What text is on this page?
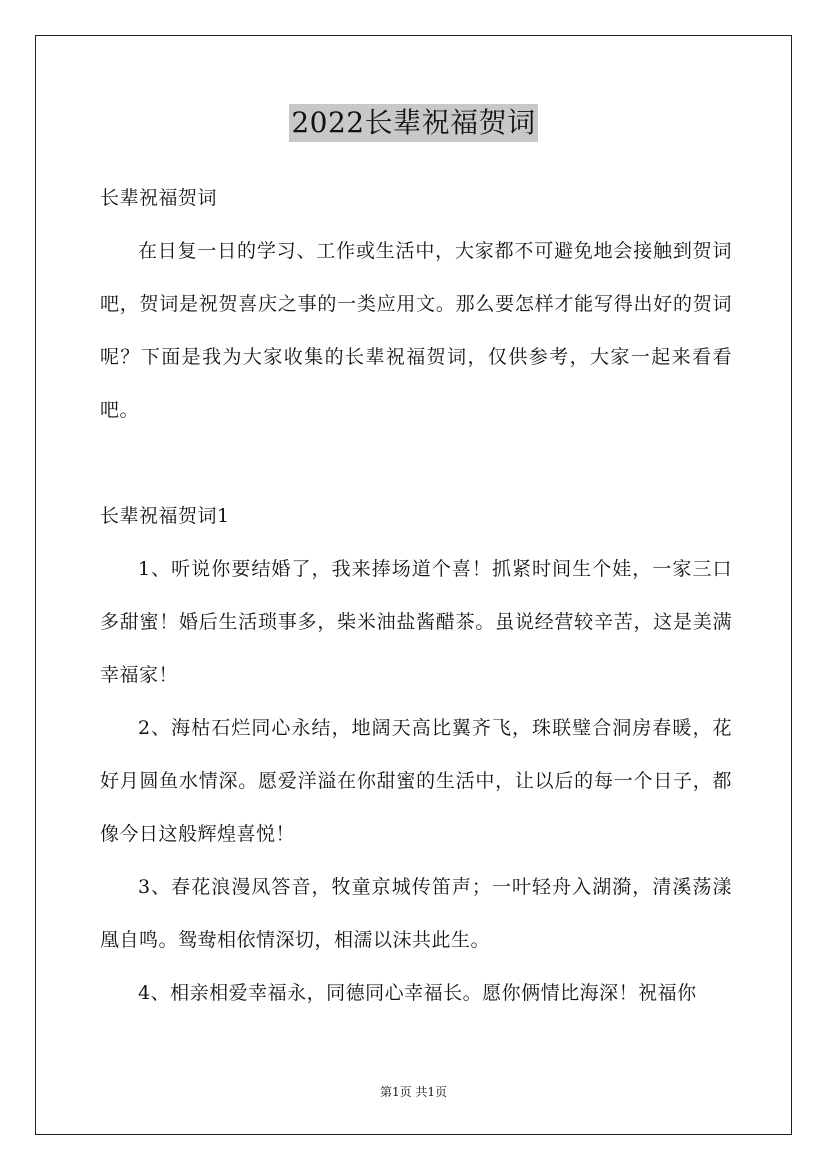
2022长辈祝福贺词

长辈祝福贺词

在日复一日的学习、工作或生活中，大家都不可避免地会接触到贺词吧，贺词是祝贺喜庆之事的一类应用文。那么要怎样才能写得出好的贺词呢？下面是我为大家收集的长辈祝福贺词，仅供参考，大家一起来看看吧。

长辈祝福贺词1

1、听说你要结婚了，我来捧场道个喜！抓紧时间生个娃，一家三口多甜蜜！婚后生活琐事多，柴米油盐酱醋茶。虽说经营较辛苦，这是美满幸福家！

2、海枯石烂同心永结，地阔天高比翼齐飞，珠联璧合洞房春暖，花好月圆鱼水情深。愿爱洋溢在你甜蜜的生活中，让以后的每一个日子，都像今日这般辉煌喜悦！

3、春花浪漫凤答音，牧童京城传笛声；一叶轻舟入湖漪，清溪荡漾凰自鸣。鸳鸯相依情深切，相濡以沫共此生。

4、相亲相爱幸福永，同德同心幸福长。愿你俩情比海深！祝福你

第1页 共1页
